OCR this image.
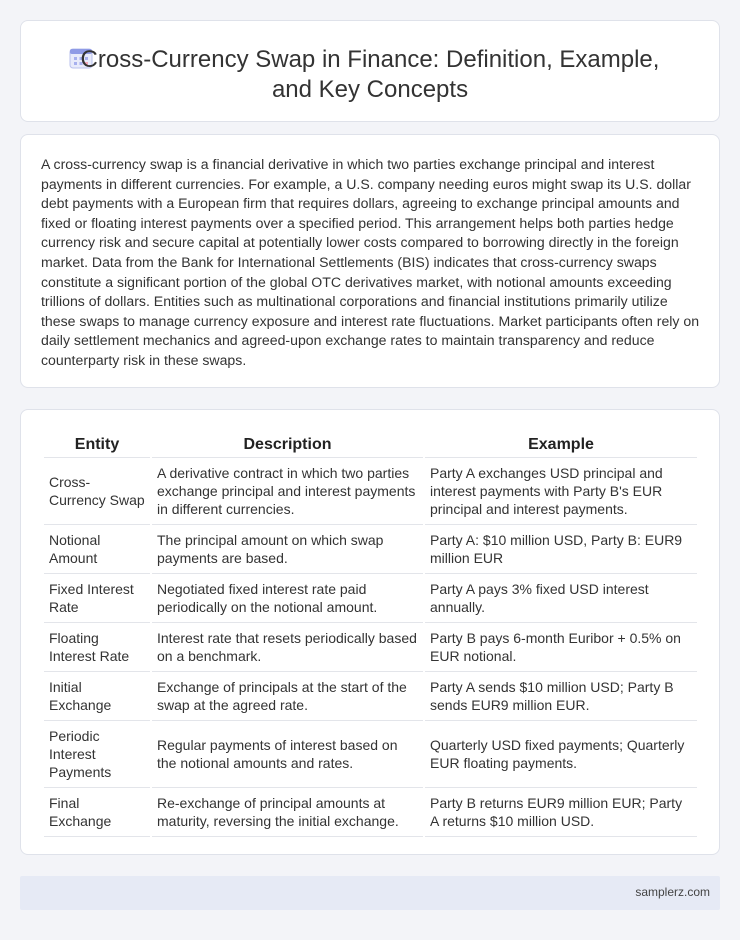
Cross-Currency Swap in Finance: Definition, Example,
and Key Concepts

A cross-currency swap is a financial derivative in which two parties exchange principal and interest payments in different currencies. For example, a U.S. company needing euros might swap its U.S. dollar debt payments with a European firm that requires dollars, agreeing to exchange principal amounts and fixed or floating interest payments over a specified period. This arrangement helps both parties hedge currency risk and secure capital at potentially lower costs compared to borrowing directly in the foreign market. Data from the Bank for International Settlements (BIS) indicates that cross-currency swaps constitute a significant portion of the global OTC derivatives market, with notional amounts exceeding trillions of dollars. Entities such as multinational corporations and financial institutions primarily utilize these swaps to manage currency exposure and interest rate fluctuations. Market participants often rely on daily settlement mechanics and agreed-upon exchange rates to maintain transparency and reduce counterparty risk in these swaps.

Entity	Description	Example
Cross-Currency Swap	A derivative contract in which two parties exchange principal and interest payments in different currencies.	Party A exchanges USD principal and interest payments with Party B's EUR principal and interest payments.
Notional Amount	The principal amount on which swap payments are based.	Party A: $10 million USD, Party B: EUR9 million EUR
Fixed Interest Rate	Negotiated fixed interest rate paid periodically on the notional amount.	Party A pays 3% fixed USD interest annually.
Floating Interest Rate	Interest rate that resets periodically based on a benchmark.	Party B pays 6-month Euribor + 0.5% on EUR notional.
Initial Exchange	Exchange of principals at the start of the swap at the agreed rate.	Party A sends $10 million USD; Party B sends EUR9 million EUR.
Periodic Interest Payments	Regular payments of interest based on the notional amounts and rates.	Quarterly USD fixed payments; Quarterly EUR floating payments.
Final Exchange	Re-exchange of principal amounts at maturity, reversing the initial exchange.	Party B returns EUR9 million EUR; Party A returns $10 million USD.
samplerz.com
